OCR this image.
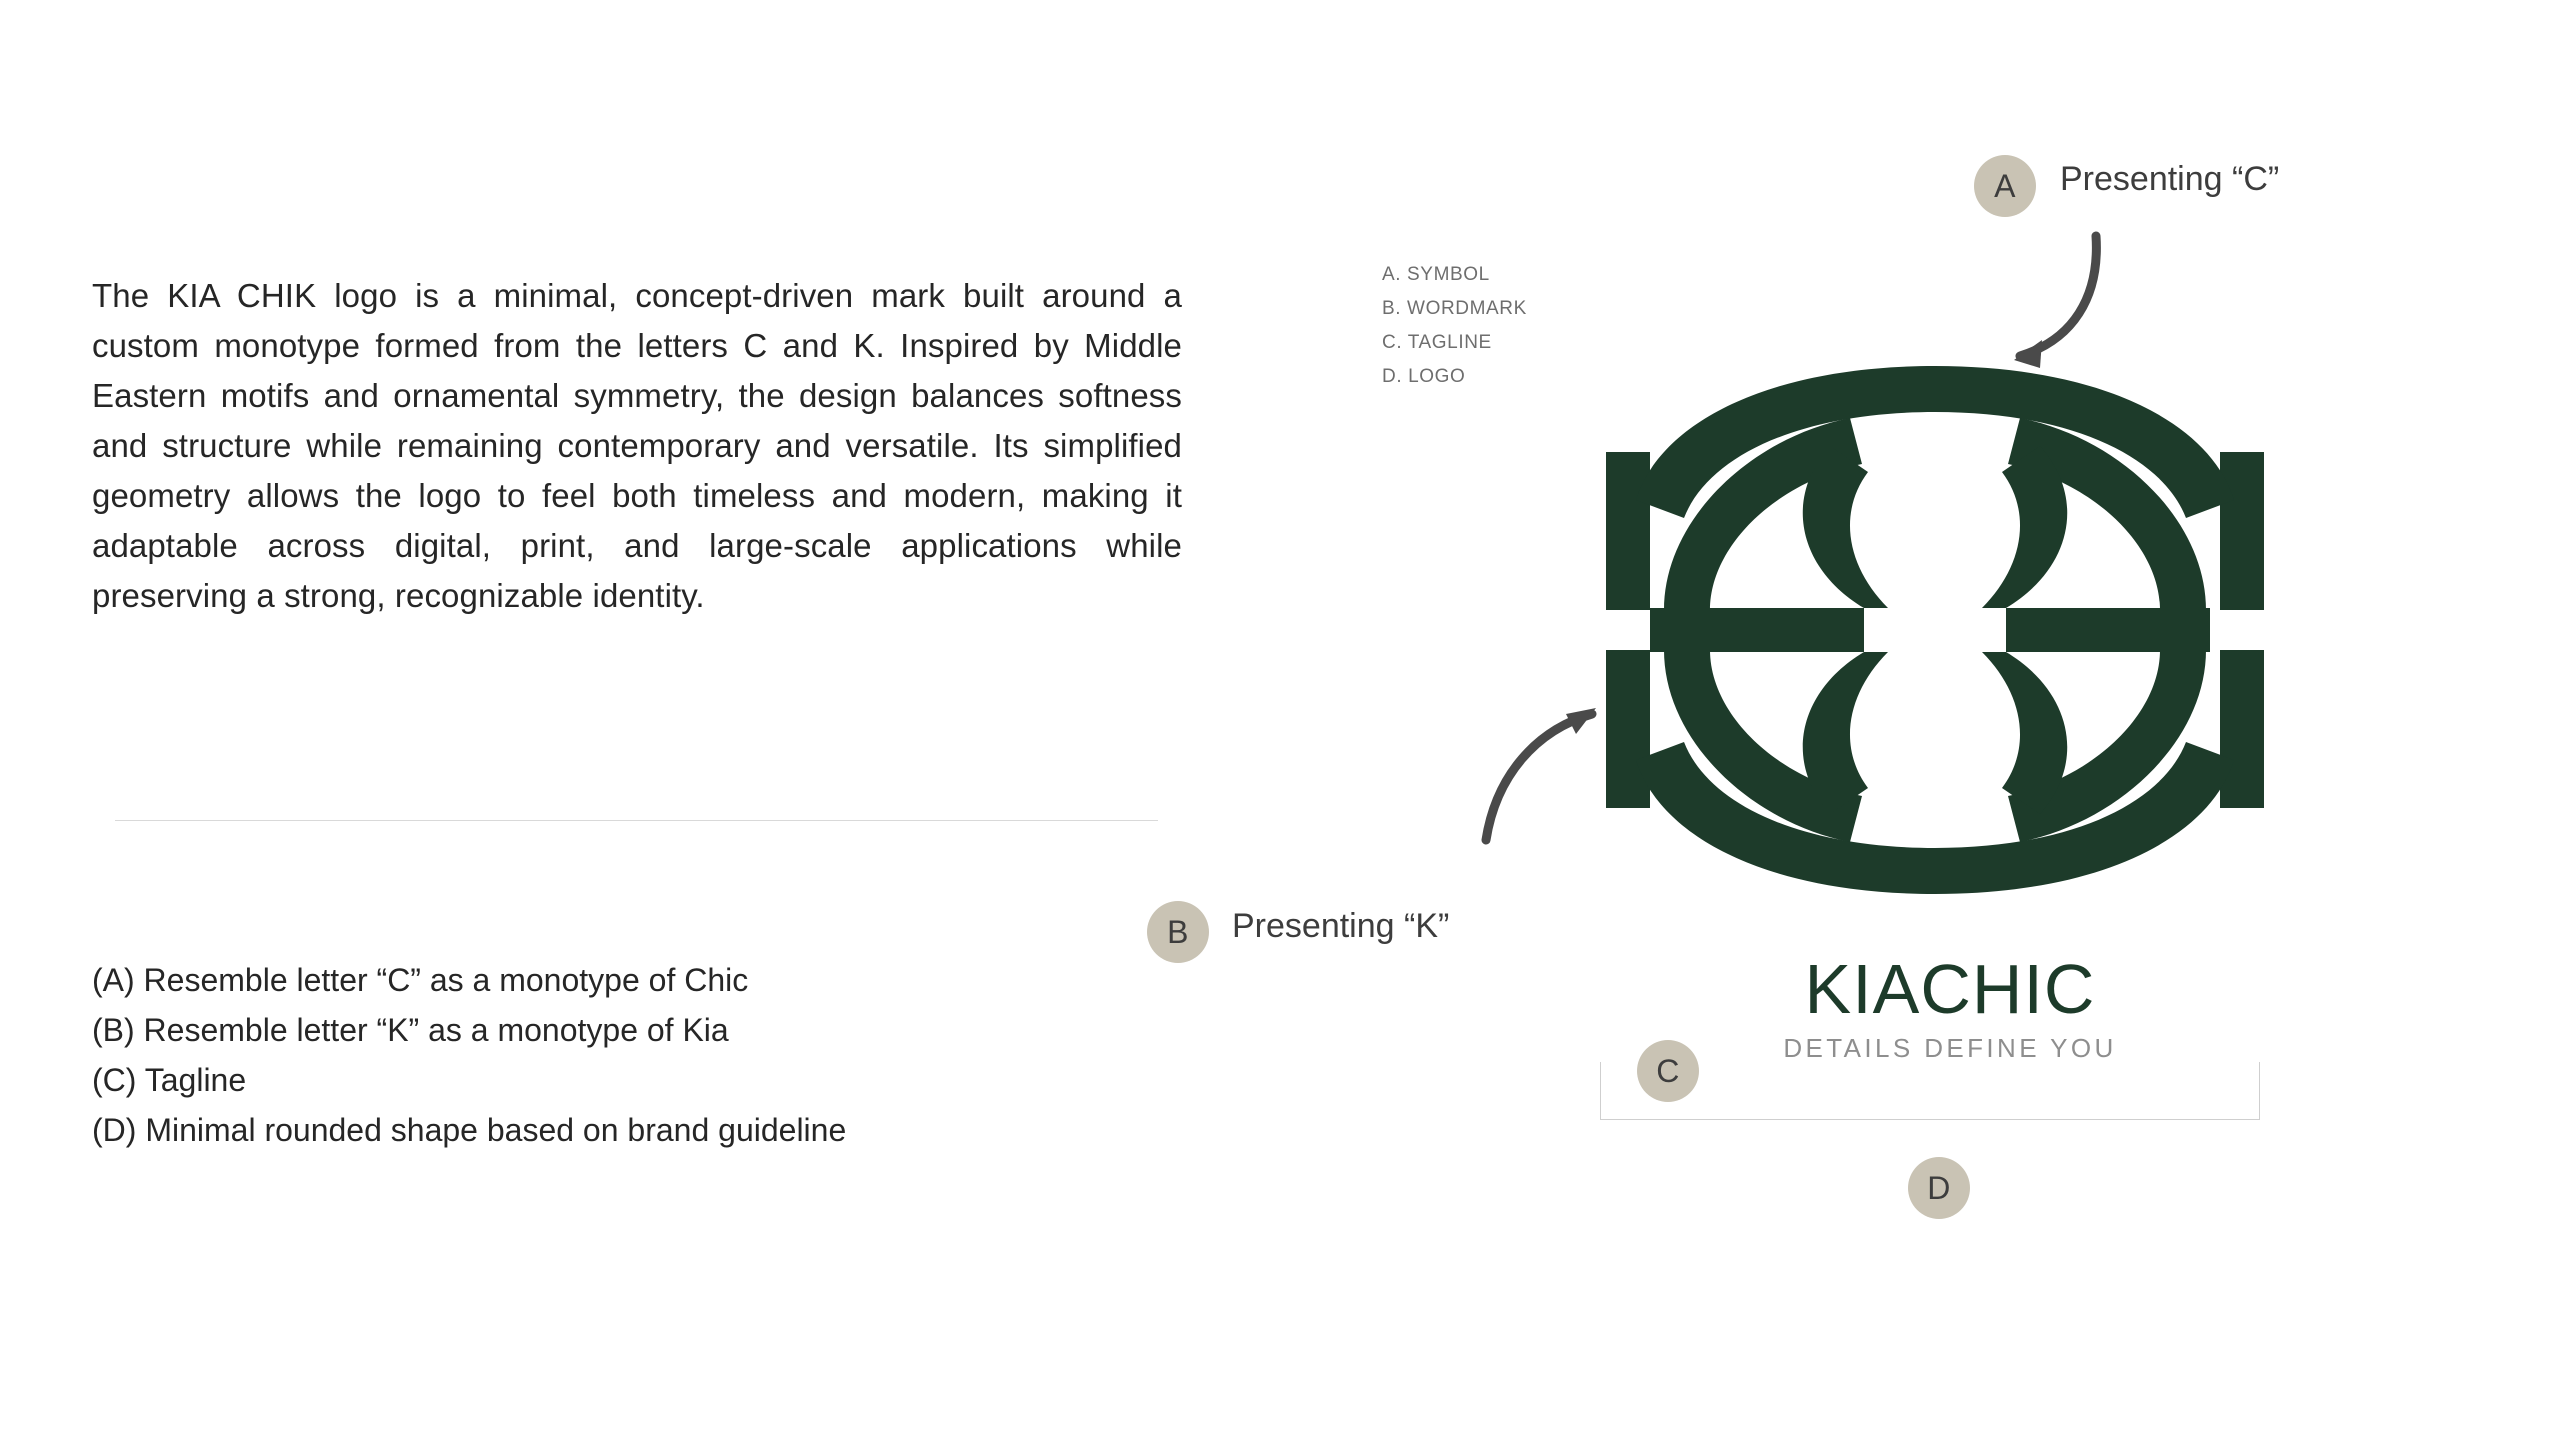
The KIA CHIK logo is a minimal, concept-driven mark built around a custom monotype formed from the letters C and K. Inspired by Middle Eastern motifs and ornamental symmetry, the design balances softness and structure while remaining contemporary and versatile. Its simplified geometry allows the logo to feel both timeless and modern, making it adaptable across digital, print, and large-scale applications while preserving a strong, recognizable identity.

(A) Resemble letter “C” as a monotype of Chic
(B) Resemble letter “K” as a monotype of Kia
(C) Tagline
(D) Minimal rounded shape based on brand guideline
A. SYMBOL
B. WORDMARK
C. TAGLINE
D. LOGO
KIACHIC
DETAILS DEFINE YOU
A	Presenting “C”
B	Presenting “K”
C
D
